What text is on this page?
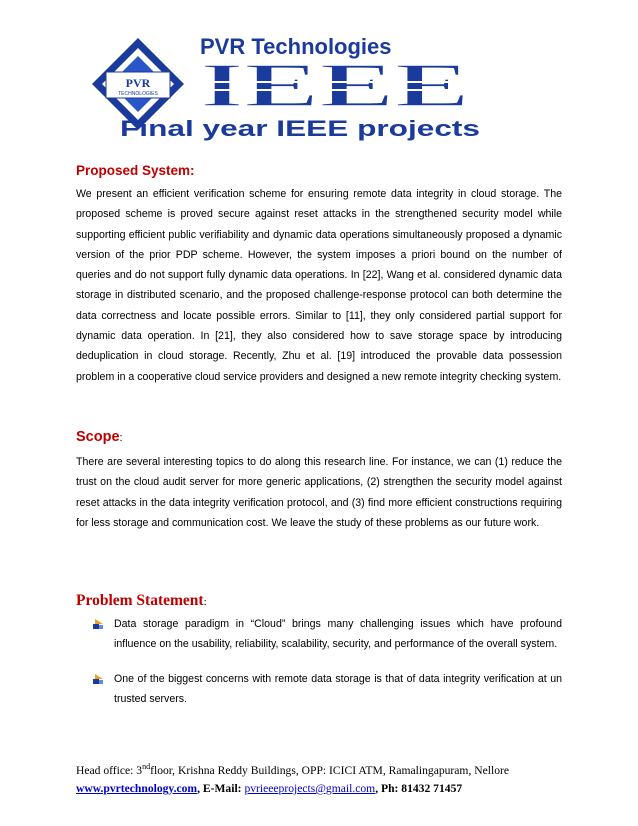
PVR
TECHNOLOGIES
PVR Technologies
IEEE
Final year IEEE projects
Proposed System:
We present an efficient verification scheme for ensuring remote data integrity in cloud storage. The proposed scheme is proved secure against reset attacks in the strengthened security model while supporting efficient public verifiability and dynamic data operations simultaneously proposed a dynamic version of the prior PDP scheme. However, the system imposes a priori bound on the number of queries and do not support fully dynamic data operations. In [22], Wang et al. considered dynamic data storage in distributed scenario, and the proposed challenge-response protocol can both determine the data correctness and locate possible errors. Similar to [11], they only considered partial support for dynamic data operation. In [21], they also considered how to save storage space by introducing deduplication in cloud storage. Recently, Zhu et al. [19] introduced the provable data possession problem in a cooperative cloud service providers and designed a new remote integrity checking system.
Scope:
There are several interesting topics to do along this research line. For instance, we can (1) reduce the trust on the cloud audit server for more generic applications, (2) strengthen the security model against reset attacks in the data integrity verification protocol, and (3) find more efficient constructions requiring for less storage and communication cost. We leave the study of these problems as our future work.
Problem Statement:
Data storage paradigm in “Cloud” brings many challenging issues which have profound influence on the usability, reliability, scalability, security, and performance of the overall system.
One of the biggest concerns with remote data storage is that of data integrity verification at un trusted servers.
Head office: 3ndfloor, Krishna Reddy Buildings, OPP: ICICI ATM, Ramalingapuram, Nellore
www.pvrtechnology.com, E-Mail: pvrieeeprojects@gmail.com, Ph: 81432 71457
